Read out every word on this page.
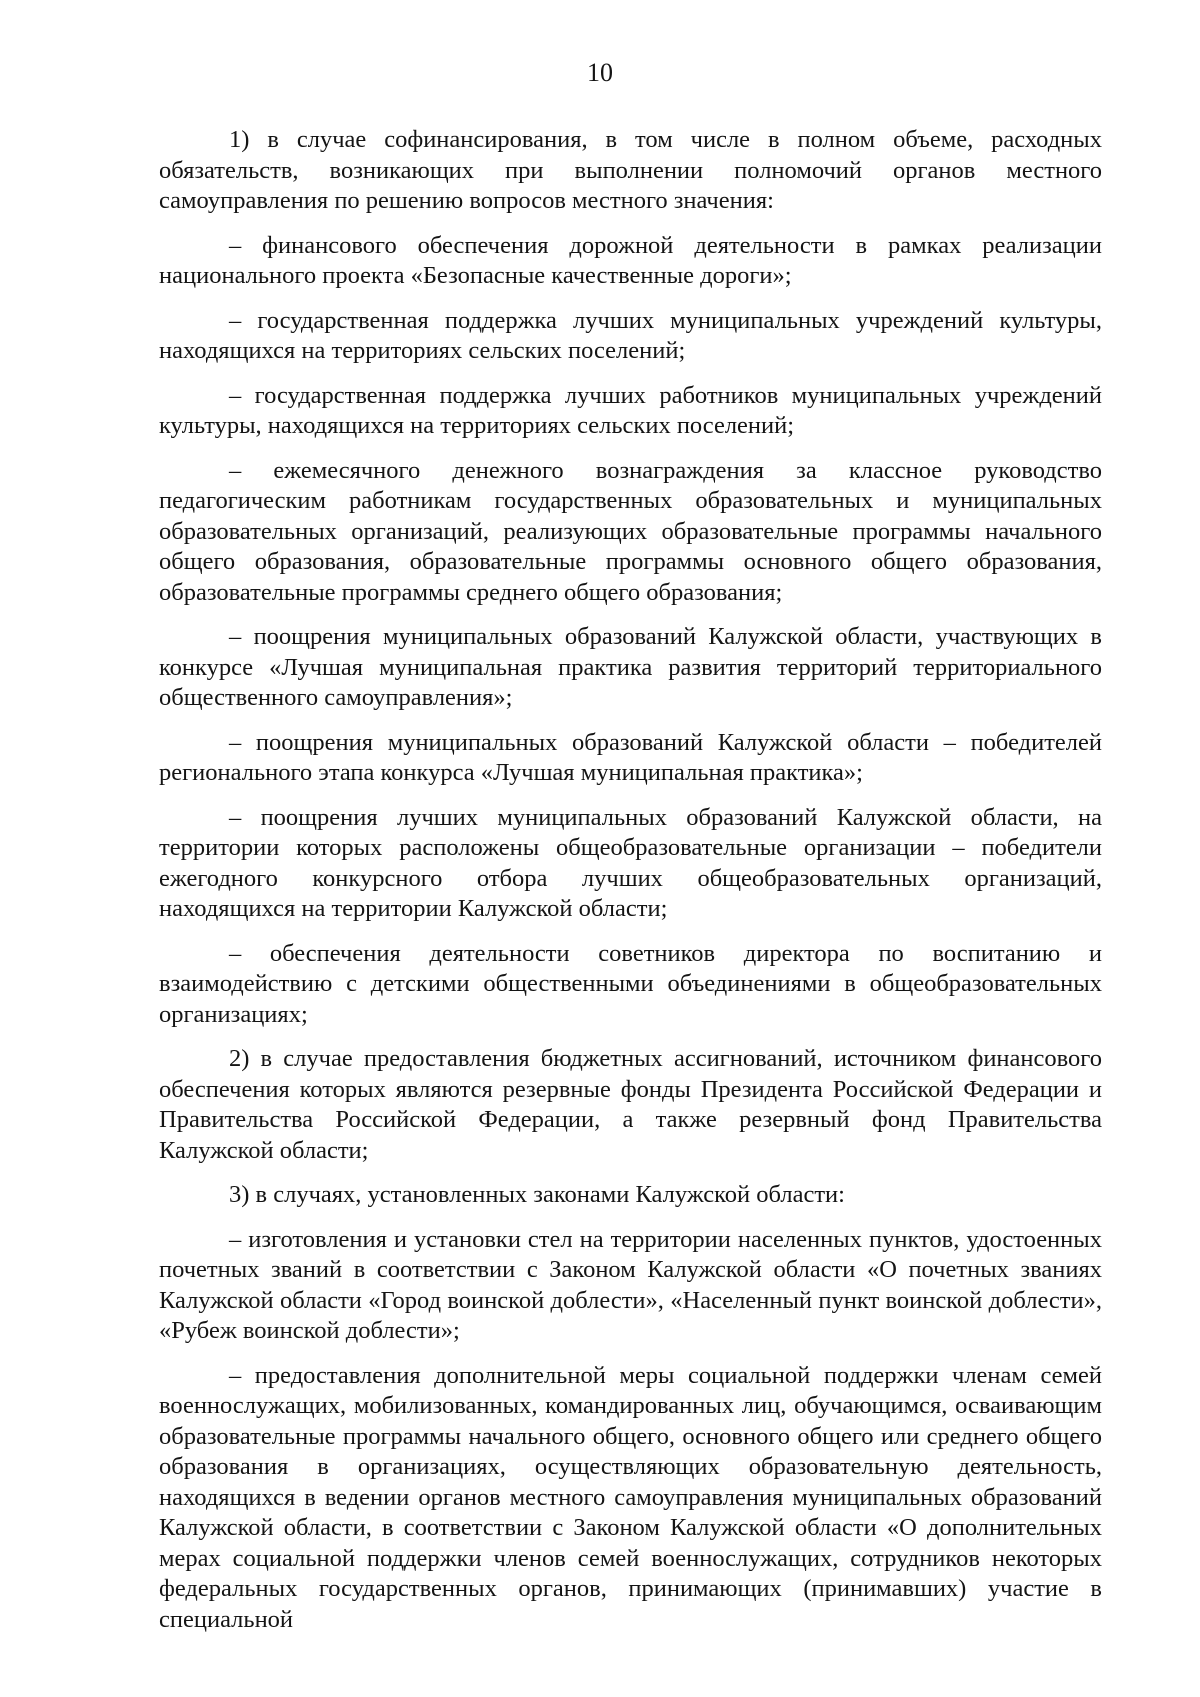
10

1) в случае софинансирования, в том числе в полном объеме, расходных обязательств, возникающих при выполнении полномочий органов местного самоуправления по решению вопросов местного значения:

– финансового обеспечения дорожной деятельности в рамках реализации национального проекта «Безопасные качественные дороги»;

– государственная поддержка лучших муниципальных учреждений культуры, находящихся на территориях сельских поселений;

– государственная поддержка лучших работников муниципальных учреждений культуры, находящихся на территориях сельских поселений;

– ежемесячного денежного вознаграждения за классное руководство педагогическим работникам государственных образовательных и муниципальных образовательных организаций, реализующих образовательные программы начального общего образования, образовательные программы основного общего образования, образовательные программы среднего общего образования;

– поощрения муниципальных образований Калужской области, участвующих в конкурсе «Лучшая муниципальная практика развития территорий территориального общественного самоуправления»;

– поощрения муниципальных образований Калужской области – победителей регионального этапа конкурса «Лучшая муниципальная практика»;

– поощрения лучших муниципальных образований Калужской области, на территории которых расположены общеобразовательные организации – победители ежегодного конкурсного отбора лучших общеобразовательных организаций, находящихся на территории Калужской области;

– обеспечения деятельности советников директора по воспитанию и взаимодействию с детскими общественными объединениями в общеобразовательных организациях;

2) в случае предоставления бюджетных ассигнований, источником финансового обеспечения которых являются резервные фонды Президента Российской Федерации и Правительства Российской Федерации, а также резервный фонд Правительства Калужской области;

3) в случаях, установленных законами Калужской области:

– изготовления и установки стел на территории населенных пунктов, удостоенных почетных званий в соответствии с Законом Калужской области «О почетных званиях Калужской области «Город воинской доблести», «Населенный пункт воинской доблести», «Рубеж воинской доблести»;

– предоставления дополнительной меры социальной поддержки членам семей военнослужащих, мобилизованных, командированных лиц, обучающимся, осваивающим образовательные программы начального общего, основного общего или среднего общего образования в организациях, осуществляющих образовательную деятельность, находящихся в ведении органов местного самоуправления муниципальных образований Калужской области, в соответствии с Законом Калужской области «О дополнительных мерах социальной поддержки членов семей военнослужащих, сотрудников некоторых федеральных государственных органов, принимающих (принимавших) участие в специальной
